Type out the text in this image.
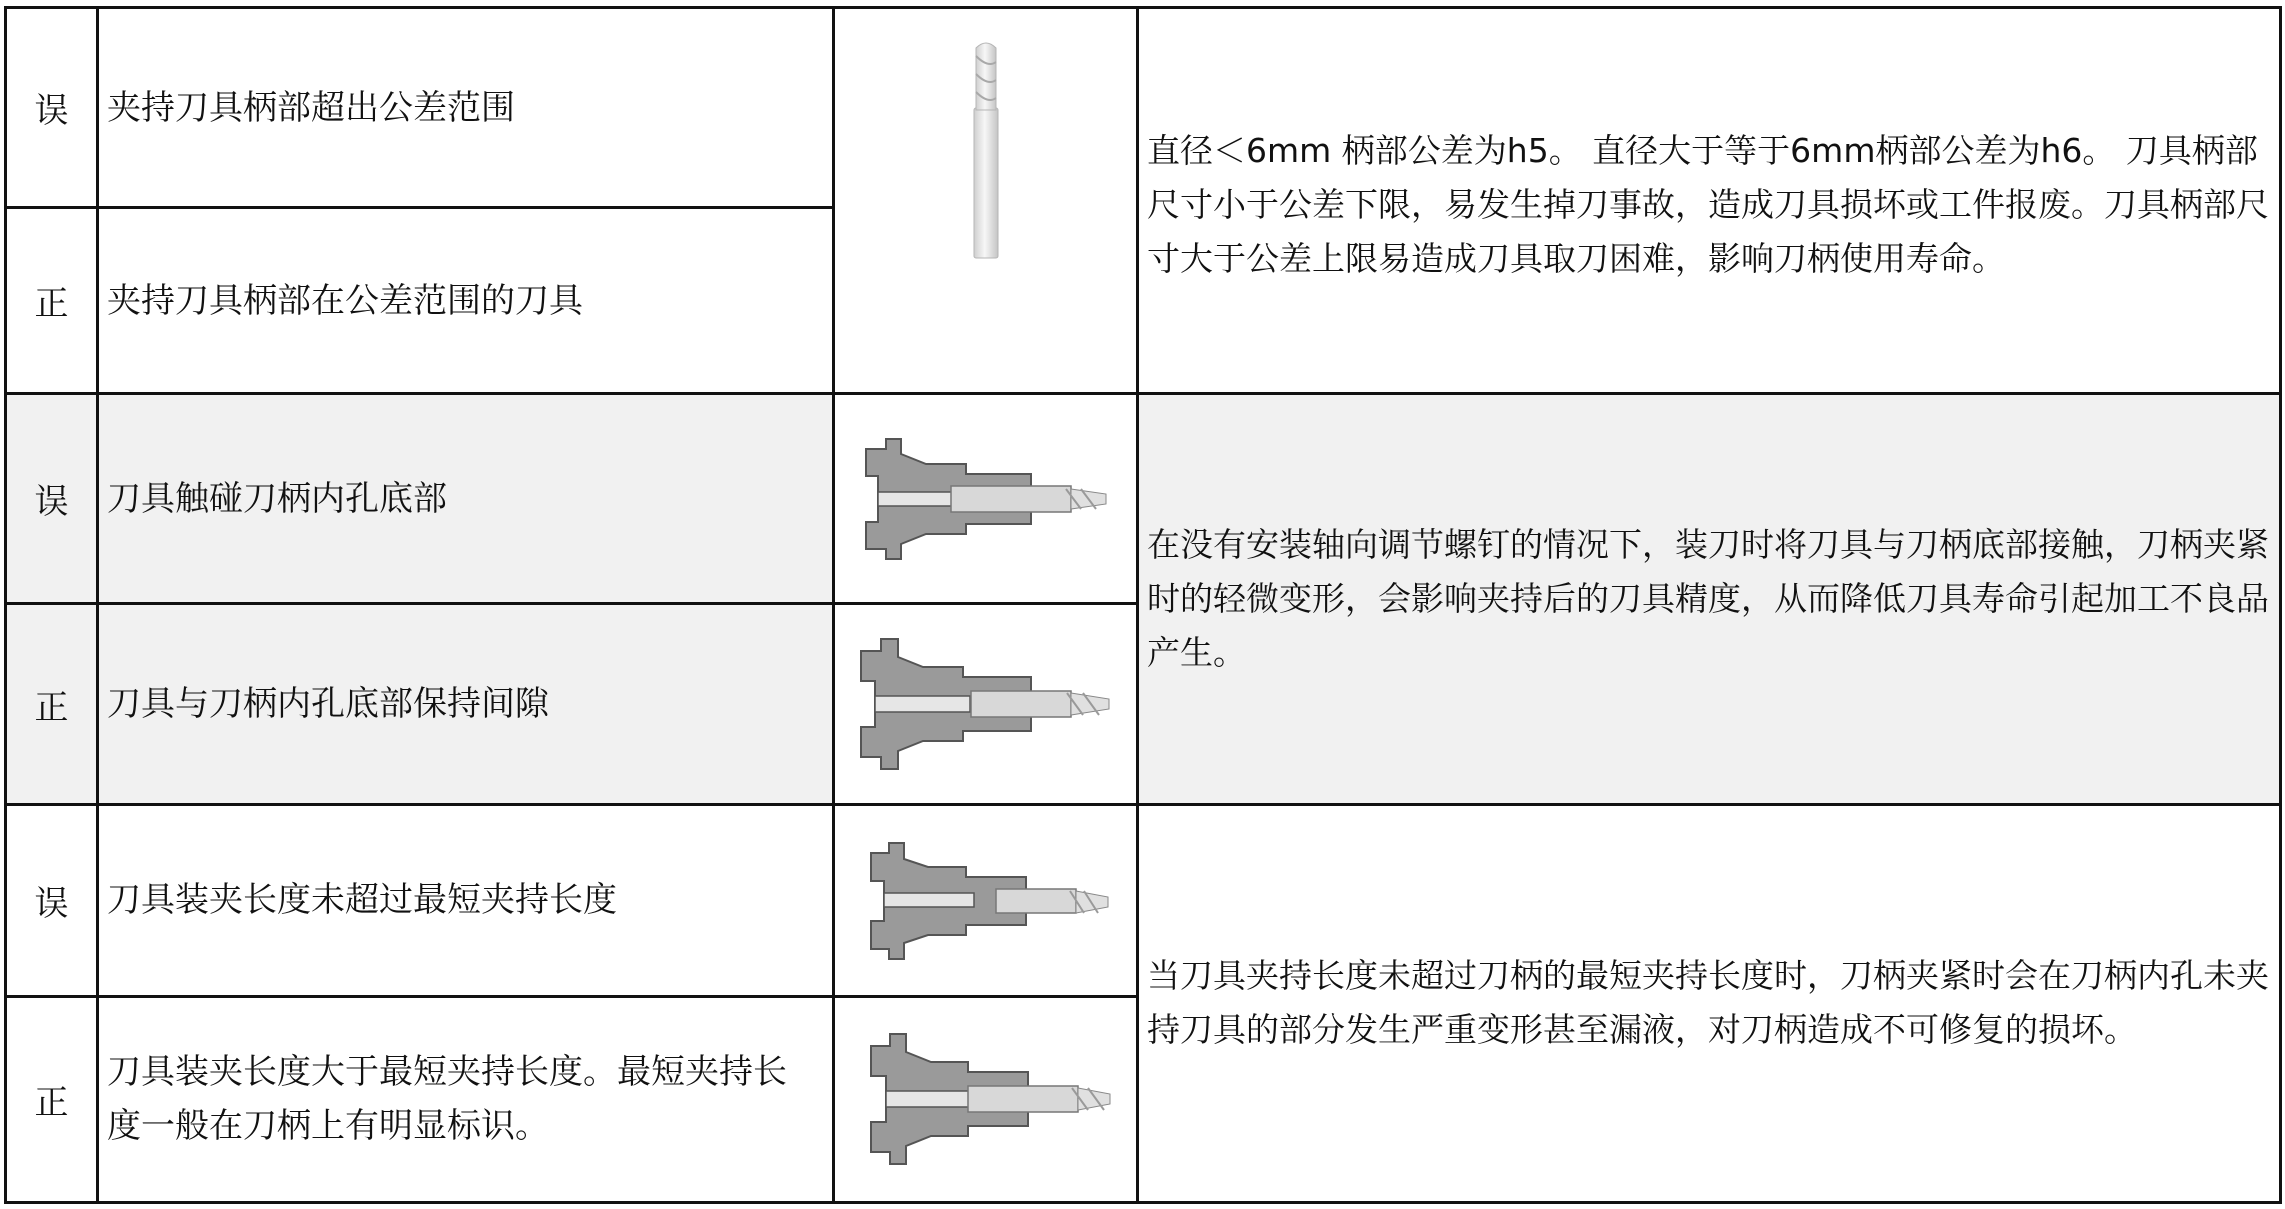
误	夹持刀具柄部超出公差范围		直径＜6mm 柄部公差为h5。 直径大于等于6mm柄部公差为h6。 刀具柄部尺寸小于公差下限，易发生掉刀事故，造成刀具损坏或工件报废。刀具柄部尺寸大于公差上限易造成刀具取刀困难，影响刀柄使用寿命。

正	夹持刀具柄部在公差范围的刀具		
误	刀具触碰刀柄内孔底部		在没有安装轴向调节螺钉的情况下，装刀时将刀具与刀柄底部接触，刀柄夹紧时的轻微变形，会影响夹持后的刀具精度，从而降低刀具寿命引起加工不良品产生。
正	刀具与刀柄内孔底部保持间隙	

误	刀具装夹长度未超过最短夹持长度		当刀具夹持长度未超过刀柄的最短夹持长度时，刀柄夹紧时会在刀柄内孔未夹持刀具的部分发生严重变形甚至漏液，对刀柄造成不可修复的损坏。
正	刀具装夹长度大于最短夹持长度。最短夹持长度一般在刀柄上有明显标识。	
